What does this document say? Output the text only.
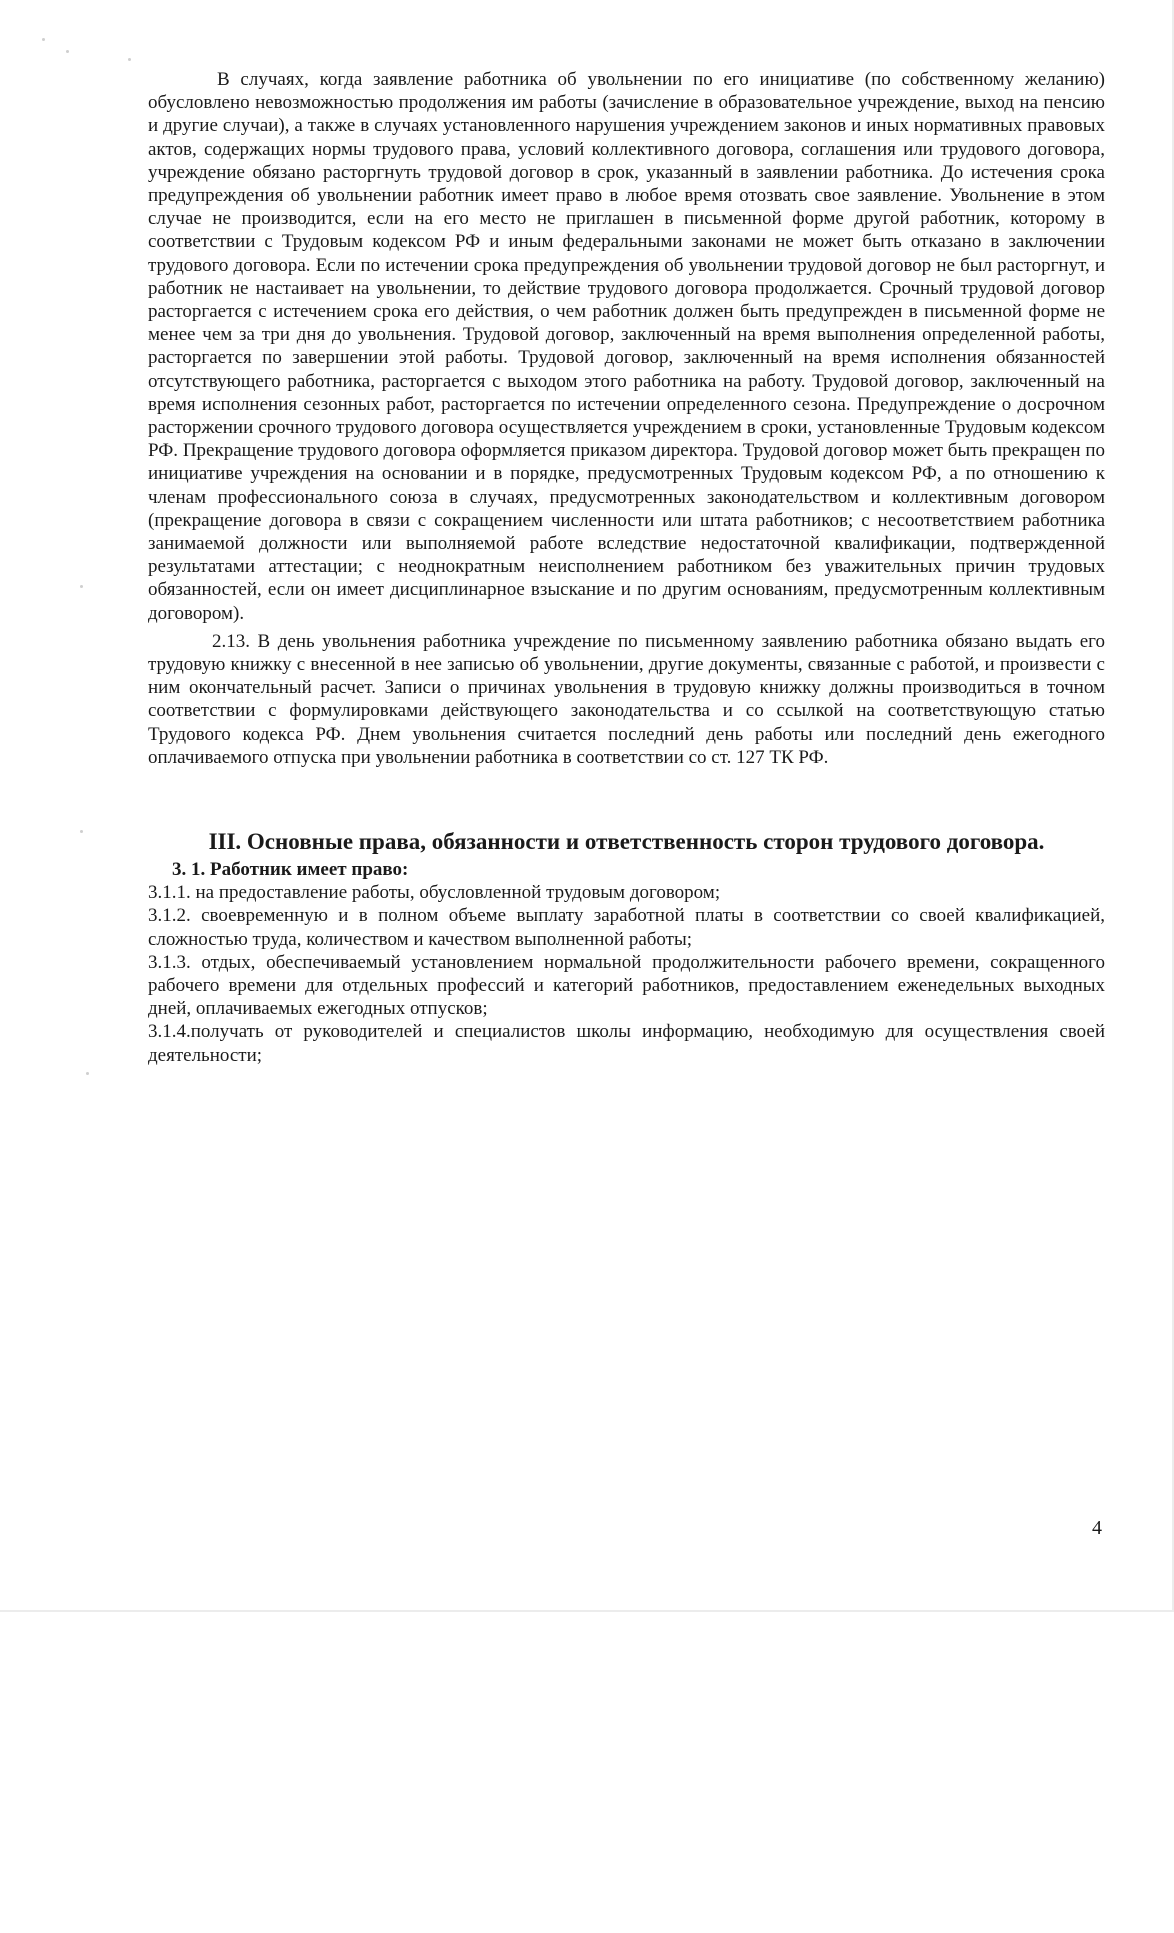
В случаях, когда заявление работника об увольнении по его инициативе (по собственному желанию) обусловлено невозможностью продолжения им работы (зачисление в образовательное учреждение, выход на пенсию и другие случаи), а также в случаях установленного нарушения учреждением законов и иных нормативных правовых актов, содержащих нормы трудового права, условий коллективного договора, соглашения или трудового договора, учреждение обязано расторгнуть трудовой договор в срок, указанный в заявлении работника. До истечения срока предупреждения об увольнении работник имеет право в любое время отозвать свое заявление. Увольнение в этом случае не производится, если на его место не приглашен в письменной форме другой работник, которому в соответствии с Трудовым кодексом РФ и иным федеральными законами не может быть отказано в заключении трудового договора. Если по истечении срока предупреждения об увольнении трудовой договор не был расторгнут, и работник не настаивает на увольнении, то действие трудового договора продолжается. Срочный трудовой договор расторгается с истечением срока его действия, о чем работник должен быть предупрежден в письменной форме не менее чем за три дня до увольнения. Трудовой договор, заключенный на время выполнения определенной работы, расторгается по завершении этой работы. Трудовой договор, заключенный на время исполнения обязанностей отсутствующего работника, расторгается с выходом этого работника на работу. Трудовой договор, заключенный на время исполнения сезонных работ, расторгается по истечении определенного сезона. Предупреждение о досрочном расторжении срочного трудового договора осуществляется учреждением в сроки, установленные Трудовым кодексом РФ. Прекращение трудового договора оформляется приказом директора. Трудовой договор может быть прекращен по инициативе учреждения на основании и в порядке, предусмотренных Трудовым кодексом РФ, а по отношению к членам профессионального союза в случаях, предусмотренных законодательством и коллективным договором (прекращение договора в связи с сокращением численности или штата работников; с несоответствием работника занимаемой должности или выполняемой работе вследствие недостаточной квалификации, подтвержденной результатами аттестации; с неоднократным неисполнением работником без уважительных причин трудовых обязанностей, если он имеет дисциплинарное взыскание и по другим основаниям, предусмотренным коллективным договором).

2.13. В день увольнения работника учреждение по письменному заявлению работника обязано выдать его трудовую книжку с внесенной в нее записью об увольнении, другие документы, связанные с работой, и произвести с ним окончательный расчет. Записи о причинах увольнения в трудовую книжку должны производиться в точном соответствии с формулировками действующего законодательства и со ссылкой на соответствующую статью Трудового кодекса РФ. Днем увольнения считается последний день работы или последний день ежегодного оплачиваемого отпуска при увольнении работника в соответствии со ст. 127 ТК РФ.

III. Основные права, обязанности и ответственность сторон трудового договора.
3. 1. Работник имеет право:

3.1.1. на предоставление работы, обусловленной трудовым договором;

3.1.2. своевременную и в полном объеме выплату заработной платы в соответствии со своей квалификацией, сложностью труда, количеством и качеством выполненной работы;

3.1.3. отдых, обеспечиваемый установлением нормальной продолжительности рабочего времени, сокращенного рабочего времени для отдельных профессий и категорий работников, предоставлением еженедельных выходных дней, оплачиваемых ежегодных отпусков;

3.1.4.получать от руководителей и специалистов школы информацию, необходимую для осуществления своей деятельности;

4
